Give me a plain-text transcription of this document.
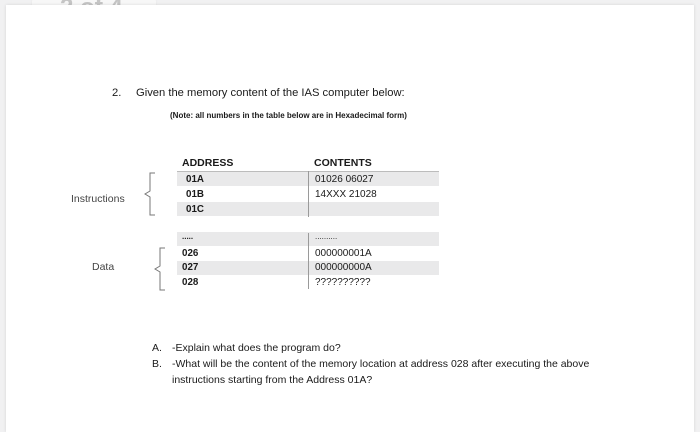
2. Given the memory content of the IAS computer below:
(Note: all numbers in the table below are in Hexadecimal form)
ADDRESS	CONTENTS
01A	01026 06027
01B	14XXX 21028
01C
.....	..........
026	000000001A
027	000000000A
028	??????????
Instructions
Data
A. -Explain what does the program do?
B. -What will be the content of the memory location at address 028 after executing the above instructions starting from the Address 01A?
